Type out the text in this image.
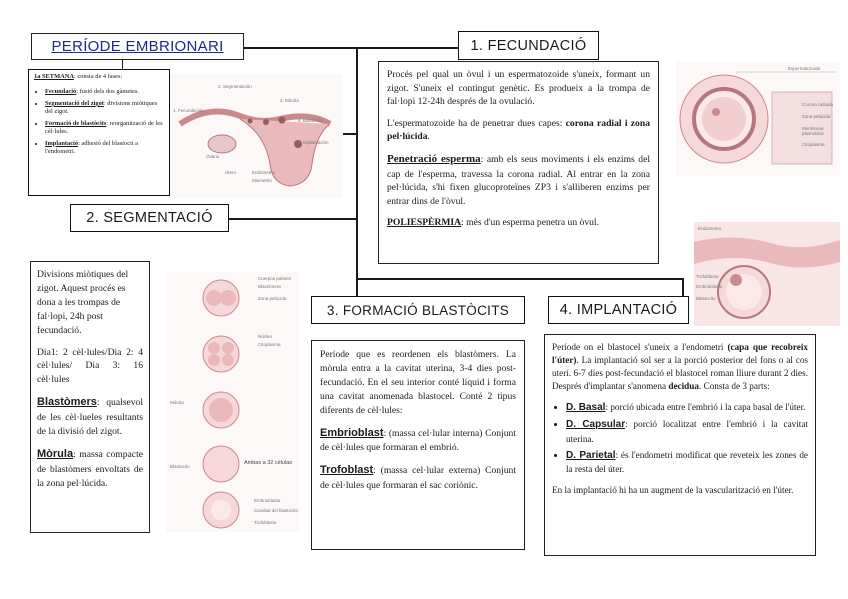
PERÍODE EMBRIONARI
1a SETMANA: consta de 4 fases:
• Fecundació: fusió dels dos gàmetes.
• Segmentació del zigot: divisions miòtiques del zigot.
• Formació de blastòcits: reorganització de les cèl·lules.
• Implantació: adhesió del blastocit a l'endometri.
1. Fecundación
2. Segmentación
3. Mórula
4. Blastocito
5. Implantación
Ovario
Endometrio
Miometrio
Útero
1. FECUNDACIÓ

Procés pel qual un òvul i un espermatozoide s'uneix, formant un zigot. S'uneix el contingut genètic. Es produeix a la trompa de fal·lopi 12-24h després de la ovulació.

L'espermatozoide ha de penetrar dues capes: corona radial i zona pel·lúcida.

Penetració esperma: amb els seus moviments i els enzims del cap de l'esperma, travessa la corona radial. Al entrar en la zona pel·lúcida, s'hi fixen glucoproteïnes ZP3 i s'alliberen enzims per entrar dins de l'òvul.

POLIESPÈRMIA: més d'un esperma penetra un òvul.

Espermatozoide
Corona radiada
Zona pelúcida
Membrana plasmática
Citoplasma
2. SEGMENTACIÓ

Divisions miòtiques del zigot. Aquest procés es dona a les trompas de fal·lopi, 24h post fecundació.

Dia1: 2 cèl·lules/Dia 2: 4 cèl·lules/ Dia 3: 16 cèl·lules

Blastòmers: qualsevol de les cèl·lueles resultants de la divisió del zigot.

Mòrula: massa compacte de blastòmers envoltats de la zona pel·lúcida.

Cuerpos polares
Blastómera
Zona pelúcida
Núcleo
Citoplasma
Mórula
Ambas a 32 células
Blastocito
Embrioblasto
Cavidad del blastocito
Trofoblasto
3. FORMACIÓ BLASTÒCITS

Període que es reordenen els blastòmers. La mòrula entra a la cavitat uterina, 3-4 dies post-fecundació. En el seu interior conté líquid i forma una cavitat anomenada blastocel. Conté 2 tipus diferents de cèl·lules:

Embrioblast: (massa cel·lular interna) Conjunt de cèl·lules que formaran el embrió.

Trofoblast: (massa cel·lular externa) Conjunt de cèl·lules que formaran el sac coriònic.

Endometrio
Trofoblasto
Embrioblasto
Blastocito
4. IMPLANTACIÓ

Període on el blastocel s'uneix a l'endometri (capa que recobreix l'úter). La implantació sol ser a la porció posterior del fons o al cos uterí. 6-7 dies post-fecundació el blastocel roman lliure durant 2 dies. Després d'implantar s'anomena decidua. Consta de 3 parts:

• D. Basal: porció ubicada entre l'embrió i la capa basal de l'úter.
• D. Capsular: porció localitzat entre l'embrió i la cavitat uterina.
• D. Parietal: és l'endometri modificat que reveteix les zones de la resta del úter.

En la implantació hi ha un augment de la vascularització en l'úter.
